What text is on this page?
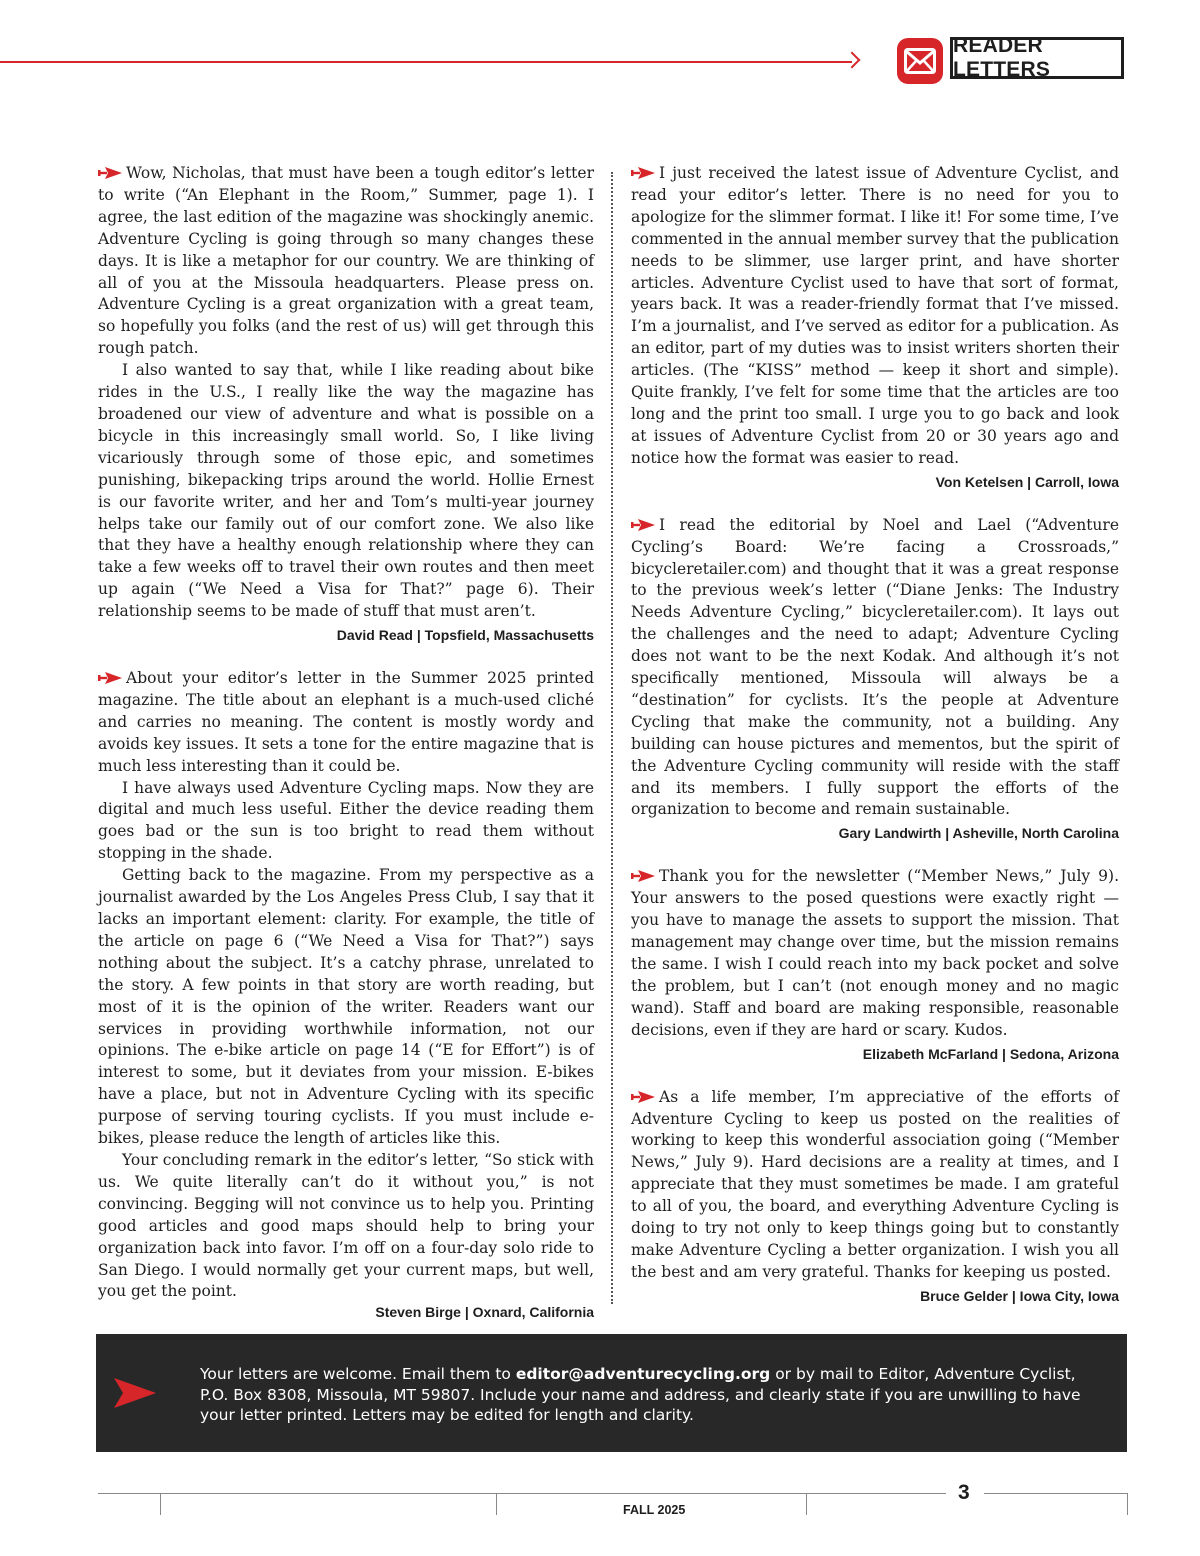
READER LETTERS

Wow, Nicholas, that must have been a tough editor’s letter to write (“An Elephant in the Room,” Summer, page 1). I agree, the last edition of the magazine was shockingly anemic. Adventure Cycling is going through so many changes these days. It is like a metaphor for our country. We are thinking of all of you at the Missoula headquarters. Please press on. Adventure Cycling is a great organization with a great team, so hopefully you folks (and the rest of us) will get through this rough patch.

I also wanted to say that, while I like reading about bike rides in the U.S., I really like the way the magazine has broadened our view of adventure and what is possible on a bicycle in this increasingly small world. So, I like living vicariously through some of those epic, and sometimes punishing, bikepacking trips around the world. Hollie Ernest is our favorite writer, and her and Tom’s multi-year journey helps take our family out of our comfort zone. We also like that they have a healthy enough relationship where they can take a few weeks off to travel their own routes and then meet up again (“We Need a Visa for That?” page 6). Their relationship seems to be made of stuff that must aren’t.

David Read | Topsfield, Massachusetts

About your editor’s letter in the Summer 2025 printed magazine. The title about an elephant is a much-used cliché and carries no meaning. The content is mostly wordy and avoids key issues. It sets a tone for the entire magazine that is much less interesting than it could be.

I have always used Adventure Cycling maps. Now they are digital and much less useful. Either the device reading them goes bad or the sun is too bright to read them without stopping in the shade.

Getting back to the magazine. From my perspective as a journalist awarded by the Los Angeles Press Club, I say that it lacks an important element: clarity. For example, the title of the article on page 6 (“We Need a Visa for That?”) says nothing about the subject. It’s a catchy phrase, unrelated to the story. A few points in that story are worth reading, but most of it is the opinion of the writer. Readers want our services in providing worthwhile information, not our opinions. The e-bike article on page 14 (“E for Effort”) is of interest to some, but it deviates from your mission. E-bikes have a place, but not in Adventure Cycling with its specific purpose of serving touring cyclists. If you must include e-bikes, please reduce the length of articles like this.

Your concluding remark in the editor’s letter, “So stick with us. We quite literally can’t do it without you,” is not convincing. Begging will not convince us to help you. Printing good articles and good maps should help to bring your organization back into favor. I’m off on a four-day solo ride to San Diego. I would normally get your current maps, but well, you get the point.

Steven Birge | Oxnard, California

I just received the latest issue of Adventure Cyclist, and read your editor’s letter. There is no need for you to apologize for the slimmer format. I like it! For some time, I’ve commented in the annual member survey that the publication needs to be slimmer, use larger print, and have shorter articles. Adventure Cyclist used to have that sort of format, years back. It was a reader-friendly format that I’ve missed. I’m a journalist, and I’ve served as editor for a publication. As an editor, part of my duties was to insist writers shorten their articles. (The “KISS” method — keep it short and simple). Quite frankly, I’ve felt for some time that the articles are too long and the print too small. I urge you to go back and look at issues of Adventure Cyclist from 20 or 30 years ago and notice how the format was easier to read.

Von Ketelsen | Carroll, Iowa

I read the editorial by Noel and Lael (“Adventure Cycling’s Board: We’re facing a Crossroads,” bicycleretailer.com) and thought that it was a great response to the previous week’s letter (“Diane Jenks: The Industry Needs Adventure Cycling,” bicycleretailer.com). It lays out the challenges and the need to adapt; Adventure Cycling does not want to be the next Kodak. And although it’s not specifically mentioned, Missoula will always be a “destination” for cyclists. It’s the people at Adventure Cycling that make the community, not a building. Any building can house pictures and mementos, but the spirit of the Adventure Cycling community will reside with the staff and its members. I fully support the efforts of the organization to become and remain sustainable.

Gary Landwirth | Asheville, North Carolina

Thank you for the newsletter (“Member News,” July 9). Your answers to the posed questions were exactly right — you have to manage the assets to support the mission. That management may change over time, but the mission remains the same. I wish I could reach into my back pocket and solve the problem, but I can’t (not enough money and no magic wand). Staff and board are making responsible, reasonable decisions, even if they are hard or scary. Kudos.

Elizabeth McFarland | Sedona, Arizona

As a life member, I’m appreciative of the efforts of Adventure Cycling to keep us posted on the realities of working to keep this wonderful association going (“Member News,” July 9). Hard decisions are a reality at times, and I appreciate that they must sometimes be made. I am grateful to all of you, the board, and everything Adventure Cycling is doing to try not only to keep things going but to constantly make Adventure Cycling a better organization. I wish you all the best and am very grateful. Thanks for keeping us posted.

Bruce Gelder | Iowa City, Iowa
Your letters are welcome. Email them to editor@adventurecycling.org or by mail to Editor, Adventure Cyclist, P.O. Box 8308, Missoula, MT 59807. Include your name and address, and clearly state if you are unwilling to have your letter printed. Letters may be edited for length and clarity.
3
FALL 2025
